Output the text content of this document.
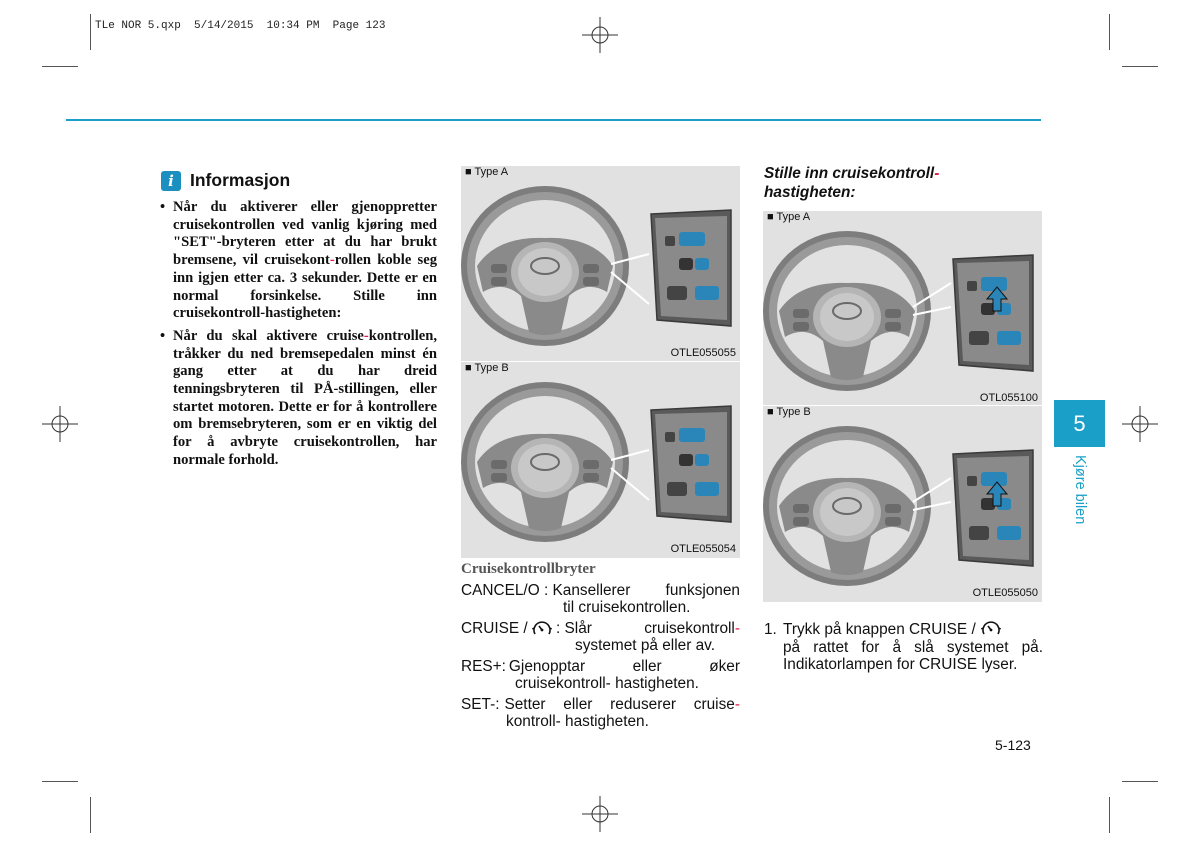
TLe NOR 5.qxp  5/14/2015  10:34 PM  Page 123
i Informasjon
• Når du aktiverer eller gjenoppretter cruisekontrollen ved vanlig kjøring med "SET"-bryteren etter at du har brukt bremsene, vil cruisekont-rollen koble seg inn igjen etter ca. 3 sekunder. Dette er en normal forsinkelse. Stille inn cruisekontroll-hastigheten:
• Når du skal aktivere cruise-kontrollen, tråkker du ned bremsepedalen minst én gang etter at du har dreid tenningsbryteren til PÅ-stillingen, eller startet motoren. Dette er for å kontrollere om bremsebryteren, som er en viktig del for å avbryte cruisekontrollen, har normale forhold.
■ Type A
OTLE055055
■ Type B
OTLE055054
Cruisekontrollbryter
CANCEL/O : Kansellerer funksjonen
til cruisekontrollen.
CRUISE / : Slår	cruisekontroll-
systemet på eller av.
RES+: Gjenopptar	eller	øker
cruisekontroll- hastigheten.
SET-: Setter eller reduserer cruise-
kontroll- hastigheten.
Stille inn cruisekontroll-
hastigheten:
■ Type A
OTL055100
■ Type B
OTLE055050
1. Trykk på knappen CRUISE /
på rattet for å slå systemet på.
Indikatorlampen for CRUISE lyser.
5-123
5
Kjøre bilen
